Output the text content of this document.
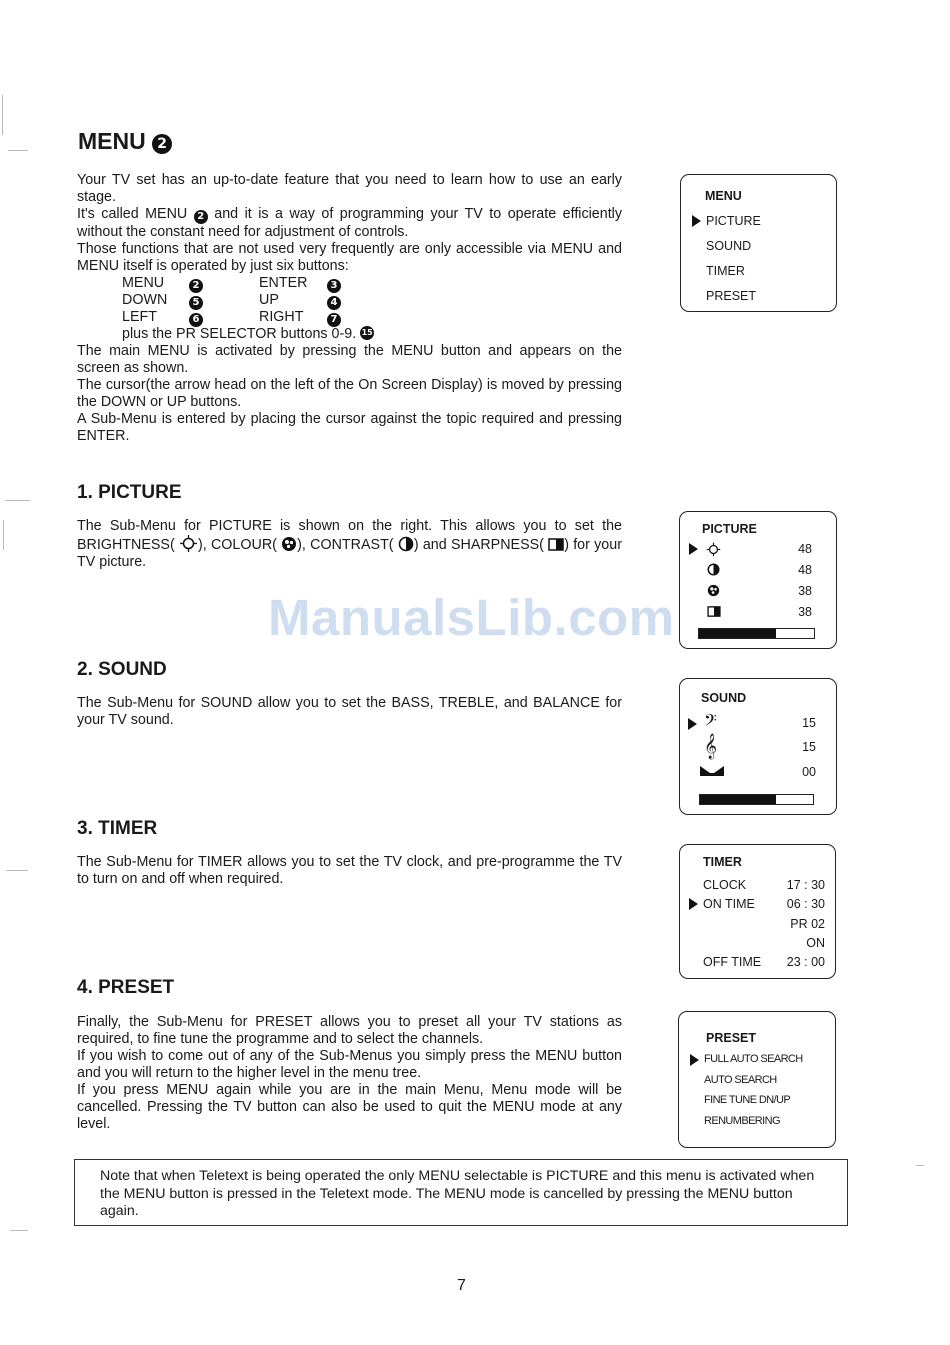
MENU 2

Your TV set has an up-to-date feature that you need to learn how to use an early stage.

It's called MENU 2 and it is a way of programming your TV to operate efficiently without the constant need for adjustment of controls.

Those functions that are not used very frequently are only accessible via MENU and MENU itself is operated by just six buttons:

MENU	2	ENTER	3
DOWN	5	UP	4
LEFT	6	RIGHT	7
plus the PR SELECTOR buttons 0-9.
15

The main MENU is activated by pressing the MENU button and appears on the screen as shown.

The cursor(the arrow head on the left of the On Screen Display) is moved by pressing the DOWN or UP buttons.

A Sub-Menu is entered by placing the cursor against the topic required and pressing ENTER.

MENU
PICTURE
SOUND
TIMER
PRESET
1. PICTURE

The Sub-Menu for PICTURE is shown on the right. This allows you to set the BRIGHTNESS( ), COLOUR( ), CONTRAST( ) and SHARPNESS( ) for your TV picture.

PICTURE
48
48
38
38
ManualsLib.com
2. SOUND
The Sub-Menu for SOUND allow you to set the BASS, TREBLE, and BALANCE for your TV sound.
SOUND
𝄢
𝄞
15
15
00
3. TIMER
The Sub-Menu for TIMER allows you to set the TV clock, and pre-programme the TV to turn on and off when required.
TIMER
CLOCK	17 : 30
ON TIME	06 : 30
PR 02
ON
OFF TIME 23 : 00
4. PRESET

Finally, the Sub-Menu for PRESET allows you to preset all your TV stations as required, to fine tune the programme and to select the channels.

If you wish to come out of any of the Sub-Menus you simply press the MENU button and you will return to the higher level in the menu tree.

If you press MENU again while you are in the main Menu, Menu mode will be cancelled. Pressing the TV button can also be used to quit the MENU mode at any level.

PRESET
FULL AUTO SEARCH
AUTO SEARCH
FINE TUNE DN/UP
RENUMBERING
Note that when Teletext is being operated the only MENU selectable is PICTURE and this menu is activated when the MENU button is pressed in the Teletext mode. The MENU mode is cancelled by pressing the MENU button again.
7
